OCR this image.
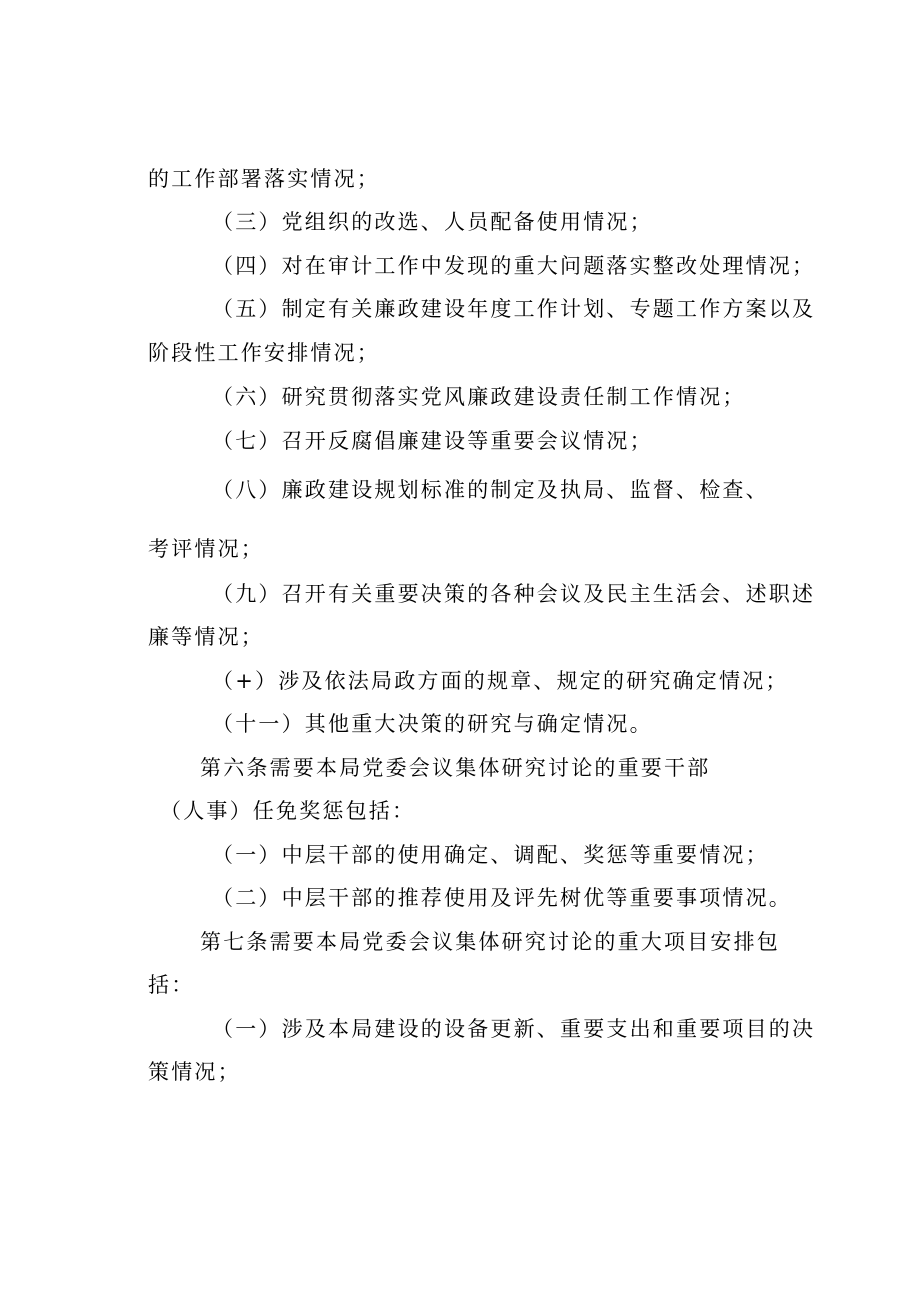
的工作部署落实情况；
（三）党组织的改选、人员配备使用情况；
（四）对在审计工作中发现的重大问题落实整改处理情况；
（五）制定有关廉政建设年度工作计划、专题工作方案以及
阶段性工作安排情况；
（六）研究贯彻落实党风廉政建设责任制工作情况；
（七）召开反腐倡廉建设等重要会议情况；
（八）廉政建设规划标准的制定及执局、监督、检查、
考评情况；
（九）召开有关重要决策的各种会议及民主生活会、述职述
廉等情况；
（+）涉及依法局政方面的规章、规定的研究确定情况；
（十一）其他重大决策的研究与确定情况。
第六条需要本局党委会议集体研究讨论的重要干部
（人事）任免奖惩包括：
（一）中层干部的使用确定、调配、奖惩等重要情况；
（二）中层干部的推荐使用及评先树优等重要事项情况。
第七条需要本局党委会议集体研究讨论的重大项目安排包
括：
（一）涉及本局建设的设备更新、重要支出和重要项目的决
策情况；
